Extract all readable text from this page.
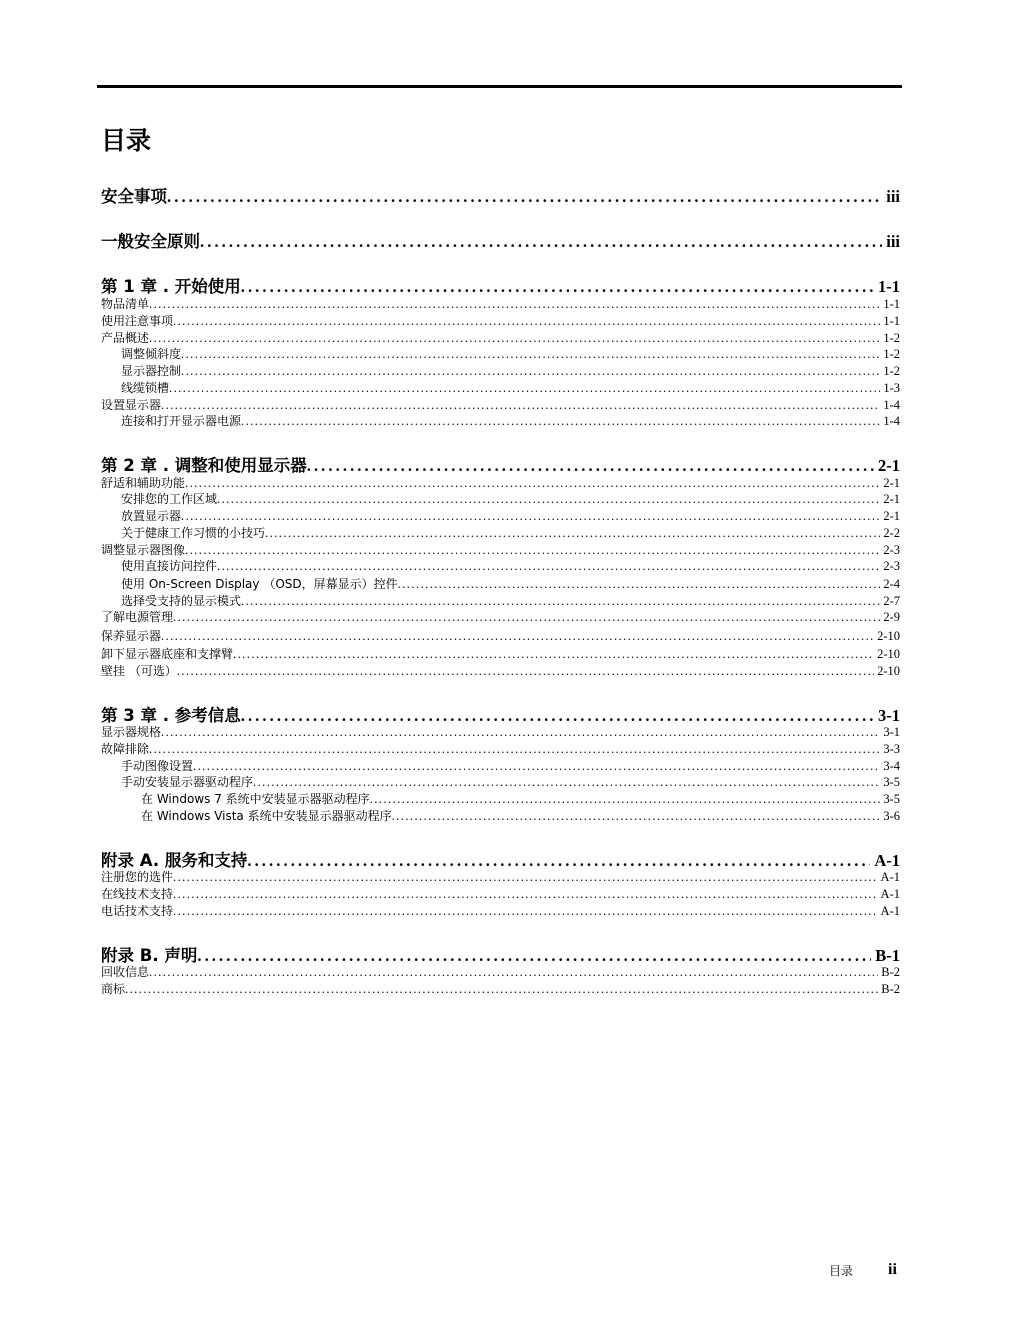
目录
安全事项 .....	iii
一般安全原则 .....	iii
第 1 章 . 开始使用 .....	1-1
物品清单 .....	1-1
使用注意事项 .....	1-1
产品概述 .....	1-2
调整倾斜度 .....	1-2
显示器控制 .....	1-2
线缆锁槽 .....	1-3
设置显示器 .....	1-4
连接和打开显示器电源 .....	1-4
第 2 章 . 调整和使用显示器 .....	2-1
舒适和辅助功能 .....	2-1
安排您的工作区域 .....	2-1
放置显示器 .....	2-1
关于健康工作习惯的小技巧 .....	2-2
调整显示器图像 .....	2-3
使用直接访问控件 .....	2-3
使用 On-Screen Display （OSD，屏幕显示）控件 .....	2-4
选择受支持的显示模式 .....	2-7
了解电源管理 .....	2-9
保养显示器 .....	2-10
卸下显示器底座和支撑臂 .....	2-10
壁挂 （可选） .....	2-10
第 3 章 . 参考信息 .....	3-1
显示器规格 .....	3-1
故障排除 .....	3-3
手动图像设置 .....	3-4
手动安装显示器驱动程序 .....	3-5
在 Windows 7 系统中安装显示器驱动程序 .....	3-5
在 Windows Vista 系统中安装显示器驱动程序 .....	3-6
附录 A. 服务和支持 .....	A-1
注册您的选件 .....	A-1
在线技术支持 .....	A-1
电话技术支持 .....	A-1
附录 B. 声明 .....	B-1
回收信息 .....	B-2
商标 .....	B-2
目录 ii
